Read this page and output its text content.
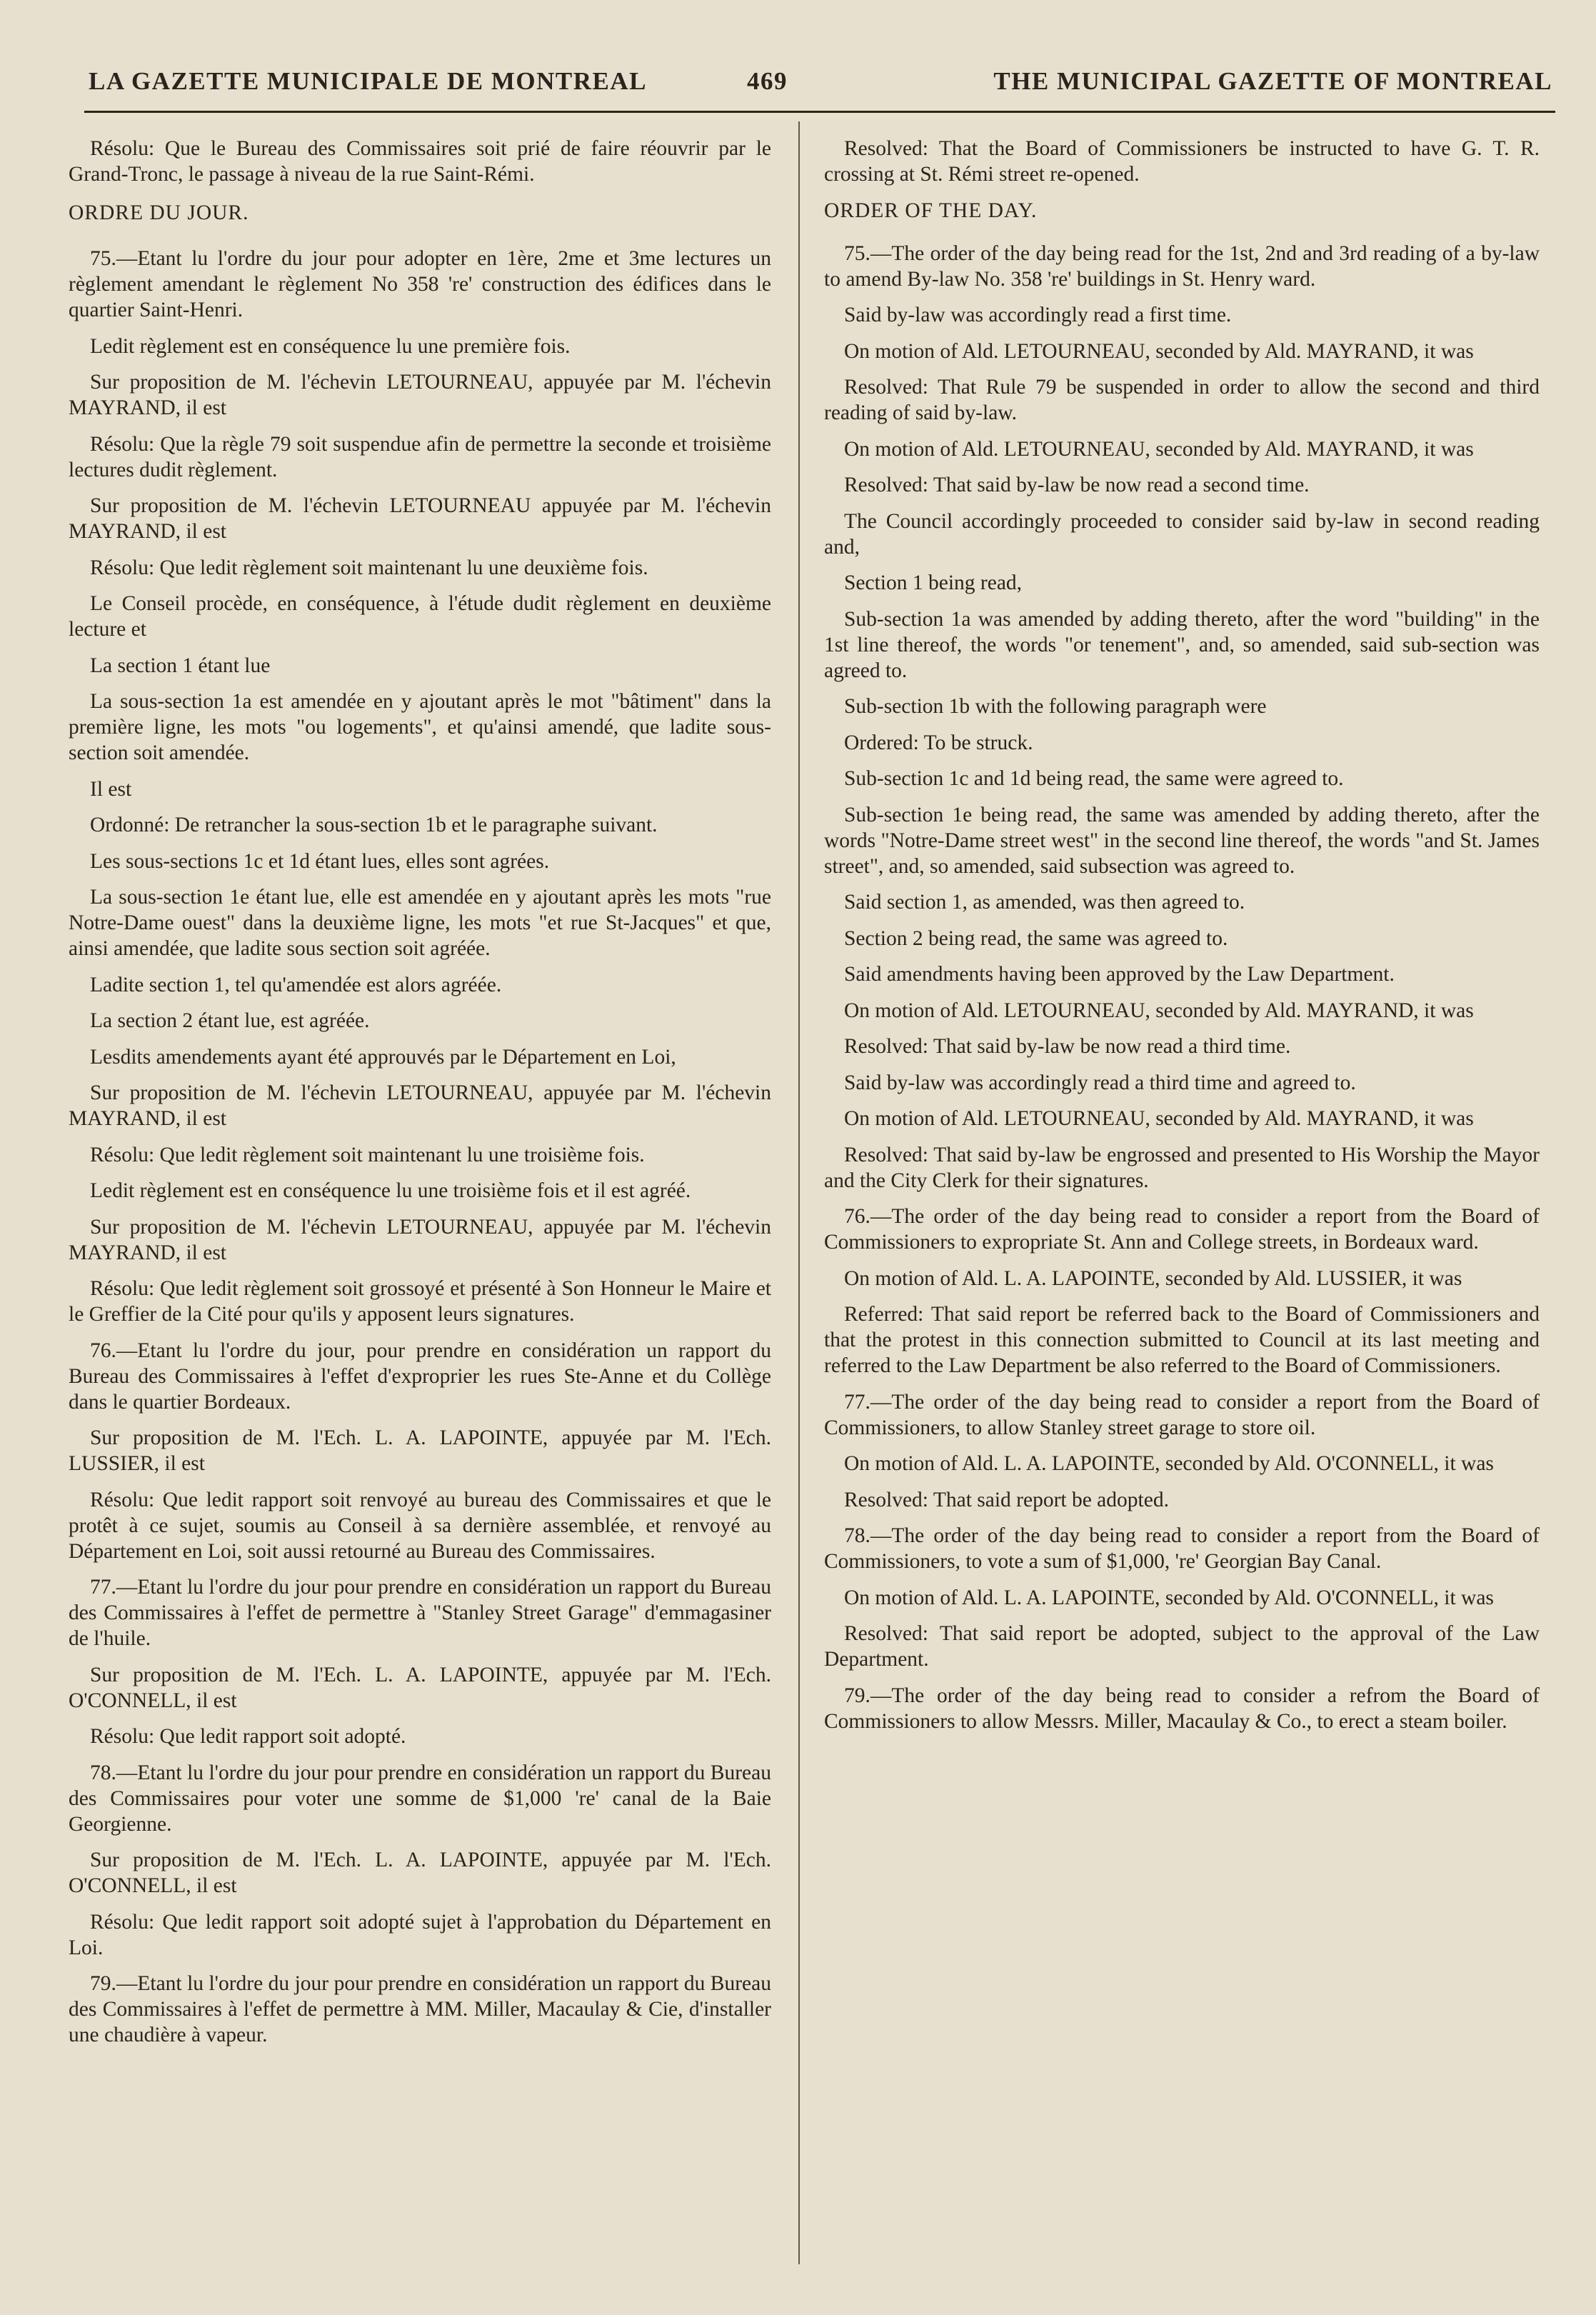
LA GAZETTE MUNICIPALE DE MONTREAL	469	THE MUNICIPAL GAZETTE OF MONTREAL

Résolu: Que le Bureau des Commissaires soit prié de faire réouvrir par le Grand-Tronc, le passage à niveau de la rue Saint-Rémi.

ORDRE DU JOUR.

75.—Etant lu l'ordre du jour pour adopter en 1ère, 2me et 3me lectures un règlement amendant le règlement No 358 're' construction des édifices dans le quartier Saint-Henri.

Ledit règlement est en conséquence lu une première fois.

Sur proposition de M. l'échevin LETOURNEAU, appuyée par M. l'échevin MAYRAND, il est

Résolu: Que la règle 79 soit suspendue afin de permettre la seconde et troisième lectures dudit règlement.

Sur proposition de M. l'échevin LETOURNEAU appuyée par M. l'échevin MAYRAND, il est

Résolu: Que ledit règlement soit maintenant lu une deuxième fois.

Le Conseil procède, en conséquence, à l'étude dudit règlement en deuxième lecture et

La section 1 étant lue

La sous-section 1a est amendée en y ajoutant après le mot "bâtiment" dans la première ligne, les mots "ou logements", et qu'ainsi amendé, que ladite sous-section soit amendée.

Il est

Ordonné: De retrancher la sous-section 1b et le paragraphe suivant.

Les sous-sections 1c et 1d étant lues, elles sont agrées.

La sous-section 1e étant lue, elle est amendée en y ajoutant après les mots "rue Notre-Dame ouest" dans la deuxième ligne, les mots "et rue St-Jacques" et que, ainsi amendée, que ladite sous section soit agréée.

Ladite section 1, tel qu'amendée est alors agréée.

La section 2 étant lue, est agréée.

Lesdits amendements ayant été approuvés par le Département en Loi,

Sur proposition de M. l'échevin LETOURNEAU, appuyée par M. l'échevin MAYRAND, il est

Résolu: Que ledit règlement soit maintenant lu une troisième fois.

Ledit règlement est en conséquence lu une troisième fois et il est agréé.

Sur proposition de M. l'échevin LETOURNEAU, appuyée par M. l'échevin MAYRAND, il est

Résolu: Que ledit règlement soit grossoyé et présenté à Son Honneur le Maire et le Greffier de la Cité pour qu'ils y apposent leurs signatures.

76.—Etant lu l'ordre du jour, pour prendre en considération un rapport du Bureau des Commissaires à l'effet d'exproprier les rues Ste-Anne et du Collège dans le quartier Bordeaux.

Sur proposition de M. l'Ech. L. A. LAPOINTE, appuyée par M. l'Ech. LUSSIER, il est

Résolu: Que ledit rapport soit renvoyé au bureau des Commissaires et que le protêt à ce sujet, soumis au Conseil à sa dernière assemblée, et renvoyé au Département en Loi, soit aussi retourné au Bureau des Commissaires.

77.—Etant lu l'ordre du jour pour prendre en considération un rapport du Bureau des Commissaires à l'effet de permettre à "Stanley Street Garage" d'emmagasiner de l'huile.

Sur proposition de M. l'Ech. L. A. LAPOINTE, appuyée par M. l'Ech. O'CONNELL, il est

Résolu: Que ledit rapport soit adopté.

78.—Etant lu l'ordre du jour pour prendre en considération un rapport du Bureau des Commissaires pour voter une somme de $1,000 're' canal de la Baie Georgienne.

Sur proposition de M. l'Ech. L. A. LAPOINTE, appuyée par M. l'Ech. O'CONNELL, il est

Résolu: Que ledit rapport soit adopté sujet à l'approbation du Département en Loi.

79.—Etant lu l'ordre du jour pour prendre en considération un rapport du Bureau des Commissaires à l'effet de permettre à MM. Miller, Macaulay & Cie, d'installer une chaudière à vapeur.

Resolved: That the Board of Commissioners be instructed to have G. T. R. crossing at St. Rémi street re-opened.

ORDER OF THE DAY.

75.—The order of the day being read for the 1st, 2nd and 3rd reading of a by-law to amend By-law No. 358 're' buildings in St. Henry ward.

Said by-law was accordingly read a first time.

On motion of Ald. LETOURNEAU, seconded by Ald. MAYRAND, it was

Resolved: That Rule 79 be suspended in order to allow the second and third reading of said by-law.

On motion of Ald. LETOURNEAU, seconded by Ald. MAYRAND, it was

Resolved: That said by-law be now read a second time.

The Council accordingly proceeded to consider said by-law in second reading and,

Section 1 being read,

Sub-section 1a was amended by adding thereto, after the word "building" in the 1st line thereof, the words "or tenement", and, so amended, said sub-section was agreed to.

Sub-section 1b with the following paragraph were

Ordered: To be struck.

Sub-section 1c and 1d being read, the same were agreed to.

Sub-section 1e being read, the same was amended by adding thereto, after the words "Notre-Dame street west" in the second line thereof, the words "and St. James street", and, so amended, said subsection was agreed to.

Said section 1, as amended, was then agreed to.

Section 2 being read, the same was agreed to.

Said amendments having been approved by the Law Department.

On motion of Ald. LETOURNEAU, seconded by Ald. MAYRAND, it was

Resolved: That said by-law be now read a third time.

Said by-law was accordingly read a third time and agreed to.

On motion of Ald. LETOURNEAU, seconded by Ald. MAYRAND, it was

Resolved: That said by-law be engrossed and presented to His Worship the Mayor and the City Clerk for their signatures.

76.—The order of the day being read to consider a report from the Board of Commissioners to expropriate St. Ann and College streets, in Bordeaux ward.

On motion of Ald. L. A. LAPOINTE, seconded by Ald. LUSSIER, it was

Referred: That said report be referred back to the Board of Commissioners and that the protest in this connection submitted to Council at its last meeting and referred to the Law Department be also referred to the Board of Commissioners.

77.—The order of the day being read to consider a report from the Board of Commissioners, to allow Stanley street garage to store oil.

On motion of Ald. L. A. LAPOINTE, seconded by Ald. O'CONNELL, it was

Resolved: That said report be adopted.

78.—The order of the day being read to consider a report from the Board of Commissioners, to vote a sum of $1,000, 're' Georgian Bay Canal.

On motion of Ald. L. A. LAPOINTE, seconded by Ald. O'CONNELL, it was

Resolved: That said report be adopted, subject to the approval of the Law Department.

79.—The order of the day being read to consider a refrom the Board of Commissioners to allow Messrs. Miller, Macaulay & Co., to erect a steam boiler.
